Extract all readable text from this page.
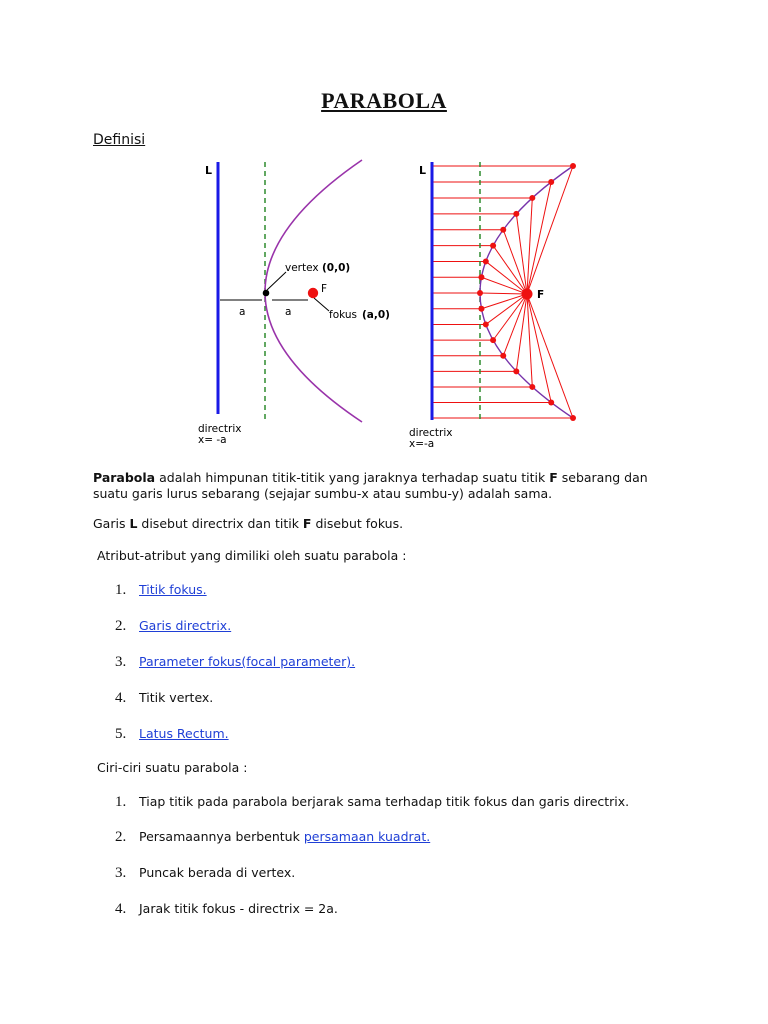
PARABOLA
Definisi
L
vertex (0,0)
F
fokus (a,0)
a	a
directrix
x= -a
L
F
directrix
x=-a
Parabola adalah himpunan titik-titik yang jaraknya terhadap suatu titik F sebarang dan suatu garis lurus sebarang (sejajar sumbu-x atau sumbu-y) adalah sama.
Garis L disebut directrix dan titik F disebut fokus.
Atribut-atribut yang dimiliki oleh suatu parabola :
1. Titik fokus.
2. Garis directrix.
3. Parameter fokus(focal parameter).
4. Titik vertex.
5. Latus Rectum.
Ciri-ciri suatu parabola :
1. Tiap titik pada parabola berjarak sama terhadap titik fokus dan garis directrix.
2. Persamaannya berbentuk persamaan kuadrat.
3. Puncak berada di vertex.
4. Jarak titik fokus - directrix = 2a.
